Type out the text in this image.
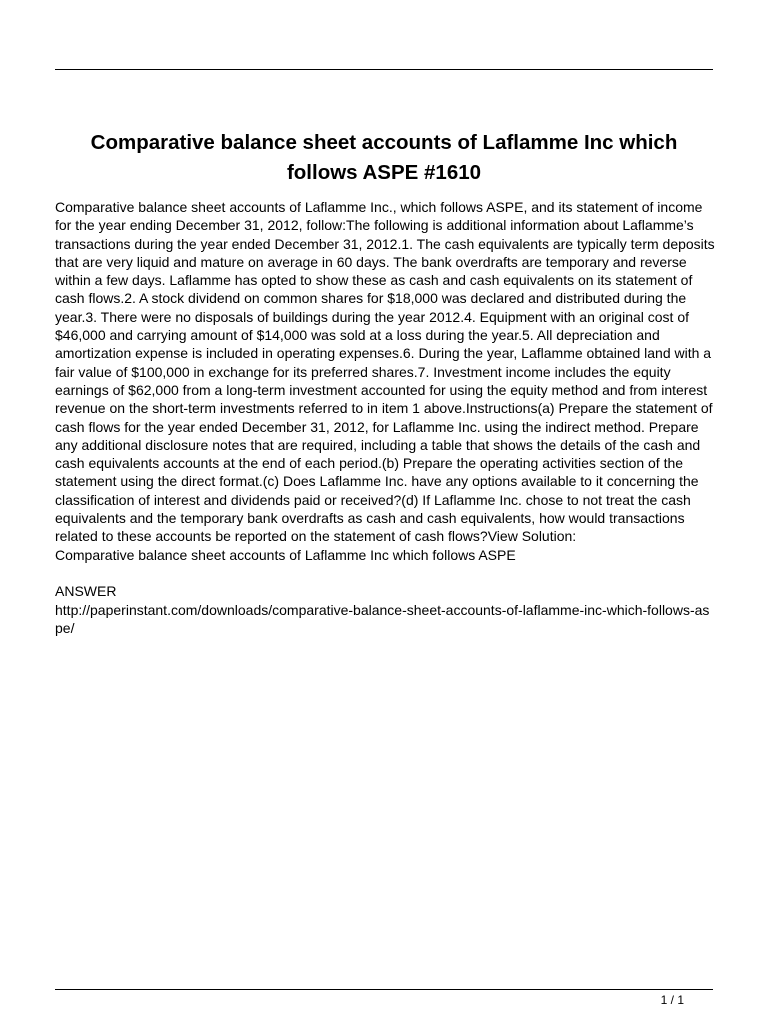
Comparative balance sheet accounts of Laflamme Inc which follows ASPE #1610

Comparative balance sheet accounts of Laflamme Inc., which follows ASPE, and its statement of income for the year ending December 31, 2012, follow:The following is additional information about Laflamme’s transactions during the year ended December 31, 2012.1. The cash equivalents are typically term deposits that are very liquid and mature on average in 60 days. The bank overdrafts are temporary and reverse within a few days. Laflamme has opted to show these as cash and cash equivalents on its statement of cash flows.2. A stock dividend on common shares for $18,000 was declared and distributed during the year.3. There were no disposals of buildings during the year 2012.4. Equipment with an original cost of $46,000 and carrying amount of $14,000 was sold at a loss during the year.5. All depreciation and amortization expense is included in operating expenses.6. During the year, Laflamme obtained land with a fair value of $100,000 in exchange for its preferred shares.7. Investment income includes the equity earnings of $62,000 from a long-term investment accounted for using the equity method and from interest revenue on the short-term investments referred to in item 1 above.Instructions(a) Prepare the statement of cash flows for the year ended December 31, 2012, for Laflamme Inc. using the indirect method. Prepare any additional disclosure notes that are required, including a table that shows the details of the cash and cash equivalents accounts at the end of each period.(b) Prepare the operating activities section of the statement using the direct format.(c) Does Laflamme Inc. have any options available to it concerning the classification of interest and dividends paid or received?(d) If Laflamme Inc. chose to not treat the cash equivalents and the temporary bank overdrafts as cash and cash equivalents, how would transactions related to these accounts be reported on the statement of cash flows?View Solution:

Comparative balance sheet accounts of Laflamme Inc which follows ASPE

ANSWER

http://paperinstant.com/downloads/comparative-balance-sheet-accounts-of-laflamme-inc-which-follows-aspe/

1 / 1
